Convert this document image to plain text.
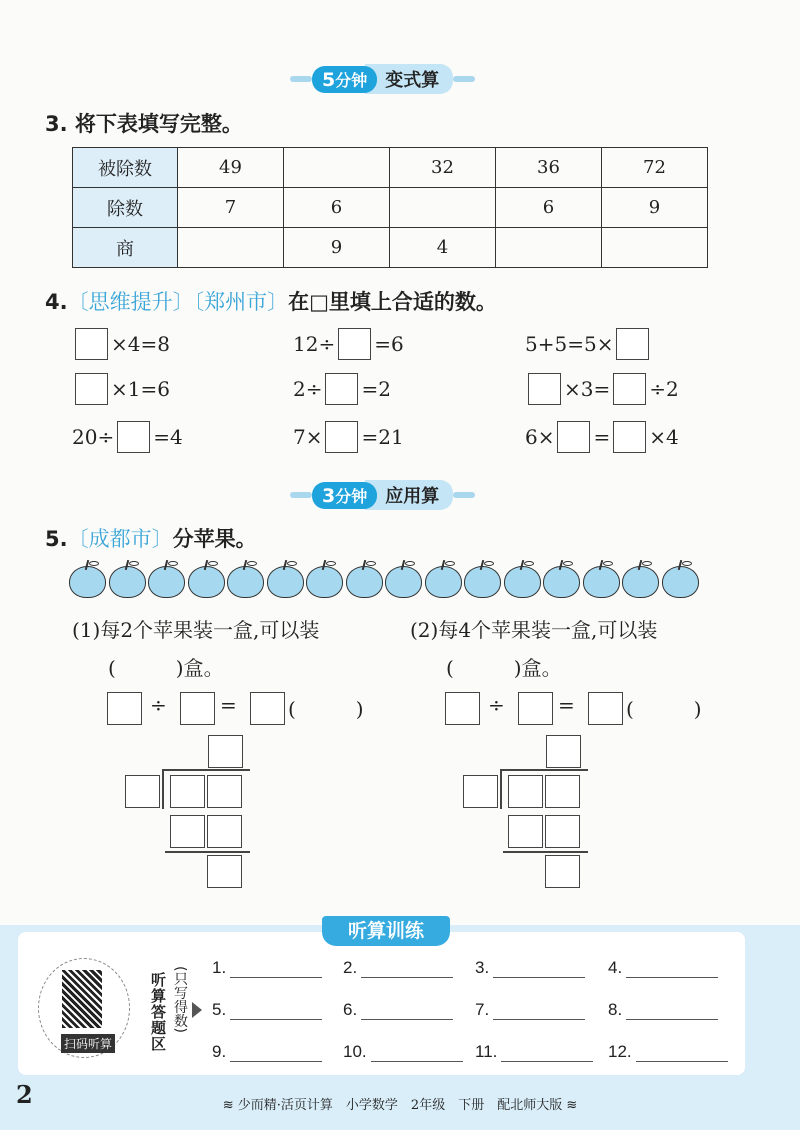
5分钟	变式算
3. 将下表填写完整。
被除数	49		32	36	72
除数	7	6		6	9
商		9	4		
4.〔思维提升〕〔郑州市〕在□里填上合适的数。
×4=8	12÷ =6	5+5=5×
×1=6	2÷ =2	×3= ÷2
20÷ =4	7× =21	6× = ×4
3分钟	应用算
5.〔成都市〕分苹果。
(1)每2个苹果装一盒,可以装
(　　　)盒。
÷	=	(　　　)
(2)每4个苹果装一盒,可以装
(　　　)盒。
÷	=	(　　　)
听算训练
扫码听算 听算答题区 (只写得数) 1.	2.	3.	4.
5.	6.	7.	8.
9.	10.	11.	12.
2	≋ 少而精·活页计算　小学数学　2年级　下册　配北师大版 ≋
